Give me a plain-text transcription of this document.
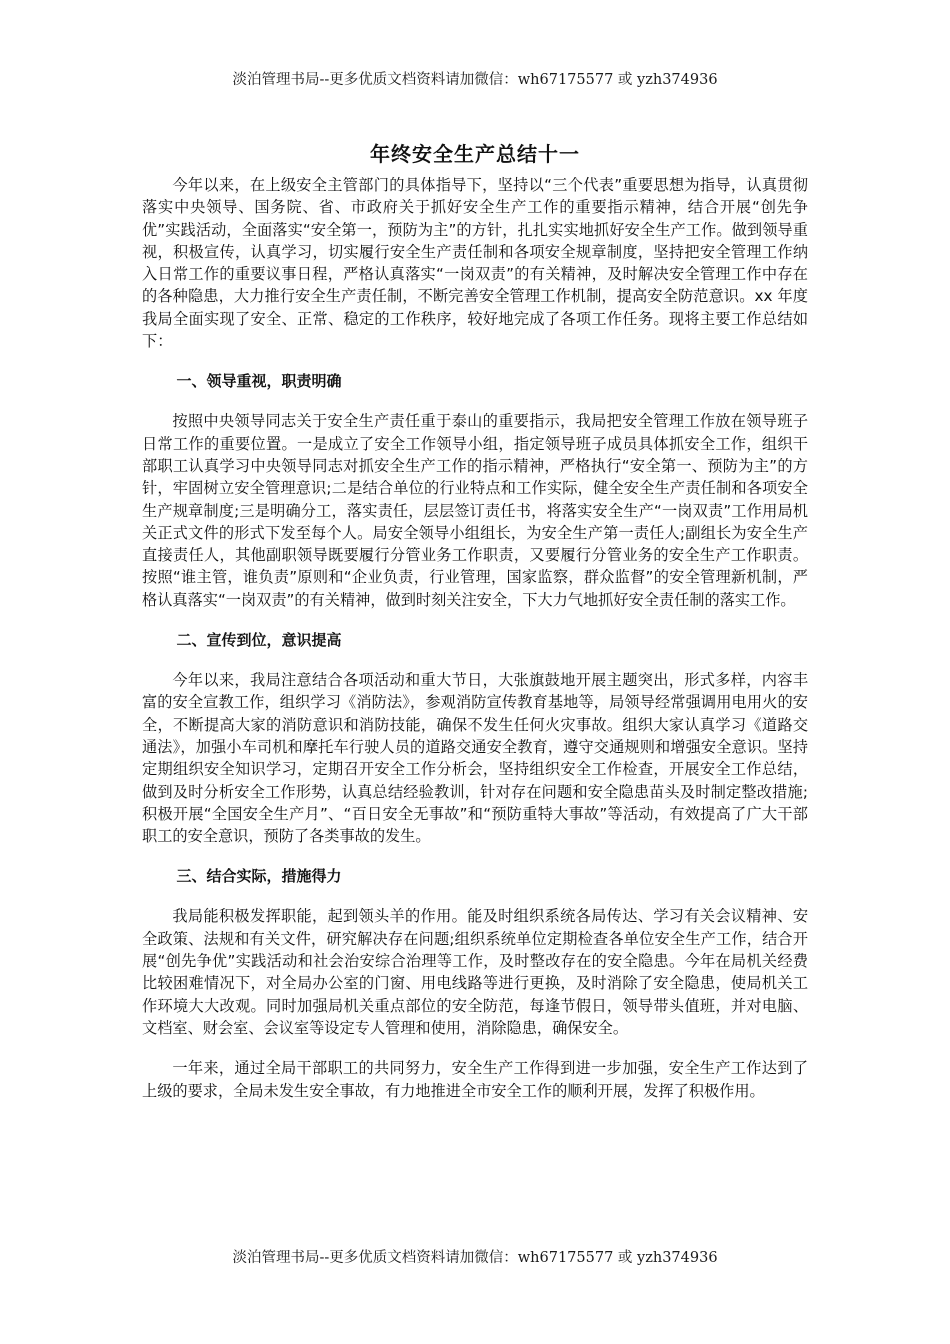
淡泊管理书局--更多优质文档资料请加微信：wh67175577 或 yzh374936
年终安全生产总结十一

今年以来，在上级安全主管部门的具体指导下，坚持以“三个代表”重要思想为指导，认真贯彻落实中央领导、国务院、省、市政府关于抓好安全生产工作的重要指示精神，结合开展“创先争优”实践活动，全面落实“安全第一，预防为主”的方针，扎扎实实地抓好安全生产工作。做到领导重视，积极宣传，认真学习，切实履行安全生产责任制和各项安全规章制度，坚持把安全管理工作纳入日常工作的重要议事日程，严格认真落实“一岗双责”的有关精神，及时解决安全管理工作中存在的各种隐患，大力推行安全生产责任制，不断完善安全管理工作机制，提高安全防范意识。xx 年度我局全面实现了安全、正常、稳定的工作秩序，较好地完成了各项工作任务。现将主要工作总结如下：

一、领导重视，职责明确

按照中央领导同志关于安全生产责任重于泰山的重要指示，我局把安全管理工作放在领导班子日常工作的重要位置。一是成立了安全工作领导小组，指定领导班子成员具体抓安全工作，组织干部职工认真学习中央领导同志对抓安全生产工作的指示精神，严格执行“安全第一、预防为主”的方针，牢固树立安全管理意识;二是结合单位的行业特点和工作实际，健全安全生产责任制和各项安全生产规章制度;三是明确分工，落实责任，层层签订责任书，将落实安全生产“一岗双责”工作用局机关正式文件的形式下发至每个人。局安全领导小组组长，为安全生产第一责任人;副组长为安全生产直接责任人，其他副职领导既要履行分管业务工作职责，又要履行分管业务的安全生产工作职责。按照“谁主管，谁负责”原则和“企业负责，行业管理，国家监察，群众监督”的安全管理新机制，严格认真落实“一岗双责”的有关精神，做到时刻关注安全，下大力气地抓好安全责任制的落实工作。

二、宣传到位，意识提高

今年以来，我局注意结合各项活动和重大节日，大张旗鼓地开展主题突出，形式多样，内容丰富的安全宣教工作，组织学习《消防法》，参观消防宣传教育基地等，局领导经常强调用电用火的安全，不断提高大家的消防意识和消防技能，确保不发生任何火灾事故。组织大家认真学习《道路交通法》，加强小车司机和摩托车行驶人员的道路交通安全教育，遵守交通规则和增强安全意识。坚持定期组织安全知识学习，定期召开安全工作分析会，坚持组织安全工作检查，开展安全工作总结，做到及时分析安全工作形势，认真总结经验教训，针对存在问题和安全隐患苗头及时制定整改措施;积极开展“全国安全生产月”、“百日安全无事故”和“预防重特大事故”等活动，有效提高了广大干部职工的安全意识，预防了各类事故的发生。

三、结合实际，措施得力

我局能积极发挥职能，起到领头羊的作用。能及时组织系统各局传达、学习有关会议精神、安全政策、法规和有关文件，研究解决存在问题;组织系统单位定期检查各单位安全生产工作，结合开展“创先争优”实践活动和社会治安综合治理等工作，及时整改存在的安全隐患。今年在局机关经费比较困难情况下，对全局办公室的门窗、用电线路等进行更换，及时消除了安全隐患，使局机关工作环境大大改观。同时加强局机关重点部位的安全防范，每逢节假日，领导带头值班，并对电脑、文档室、财会室、会议室等设定专人管理和使用，消除隐患，确保安全。

一年来，通过全局干部职工的共同努力，安全生产工作得到进一步加强，安全生产工作达到了上级的要求，全局未发生安全事故，有力地推进全市安全工作的顺利开展，发挥了积极作用。

淡泊管理书局--更多优质文档资料请加微信：wh67175577 或 yzh374936
